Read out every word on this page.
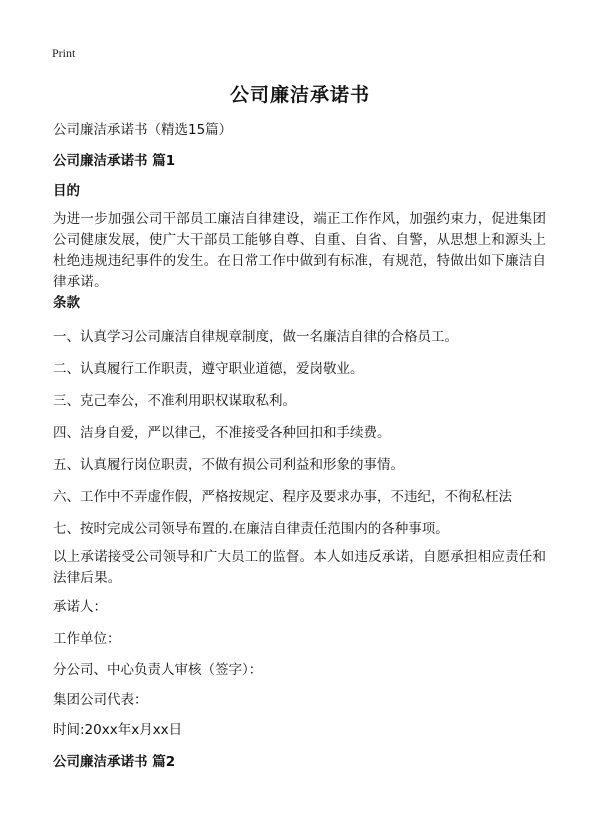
Print
公司廉洁承诺书
公司廉洁承诺书（精选15篇）
公司廉洁承诺书 篇1
目的
为进一步加强公司干部员工廉洁自律建设，端正工作作风，加强约束力，促进集团公司健康发展，使广大干部员工能够自尊、自重、自省、自警，从思想上和源头上杜绝违规违纪事件的发生。在日常工作中做到有标准，有规范，特做出如下廉洁自律承诺。
条款
一、认真学习公司廉洁自律规章制度，做一名廉洁自律的合格员工。
二、认真履行工作职责，遵守职业道德，爱岗敬业。
三、克己奉公，不准利用职权谋取私利。
四、洁身自爱，严以律己，不准接受各种回扣和手续费。
五、认真履行岗位职责，不做有损公司利益和形象的事情。
六、工作中不弄虚作假，严格按规定、程序及要求办事，不违纪，不徇私枉法
七、按时完成公司领导布置的.在廉洁自律责任范围内的各种事项。
以上承诺接受公司领导和广大员工的监督。本人如违反承诺，自愿承担相应责任和法律后果。
承诺人：
工作单位：
分公司、中心负责人审核（签字）：
集团公司代表：
时间:20xx年x月xx日
公司廉洁承诺书 篇2
